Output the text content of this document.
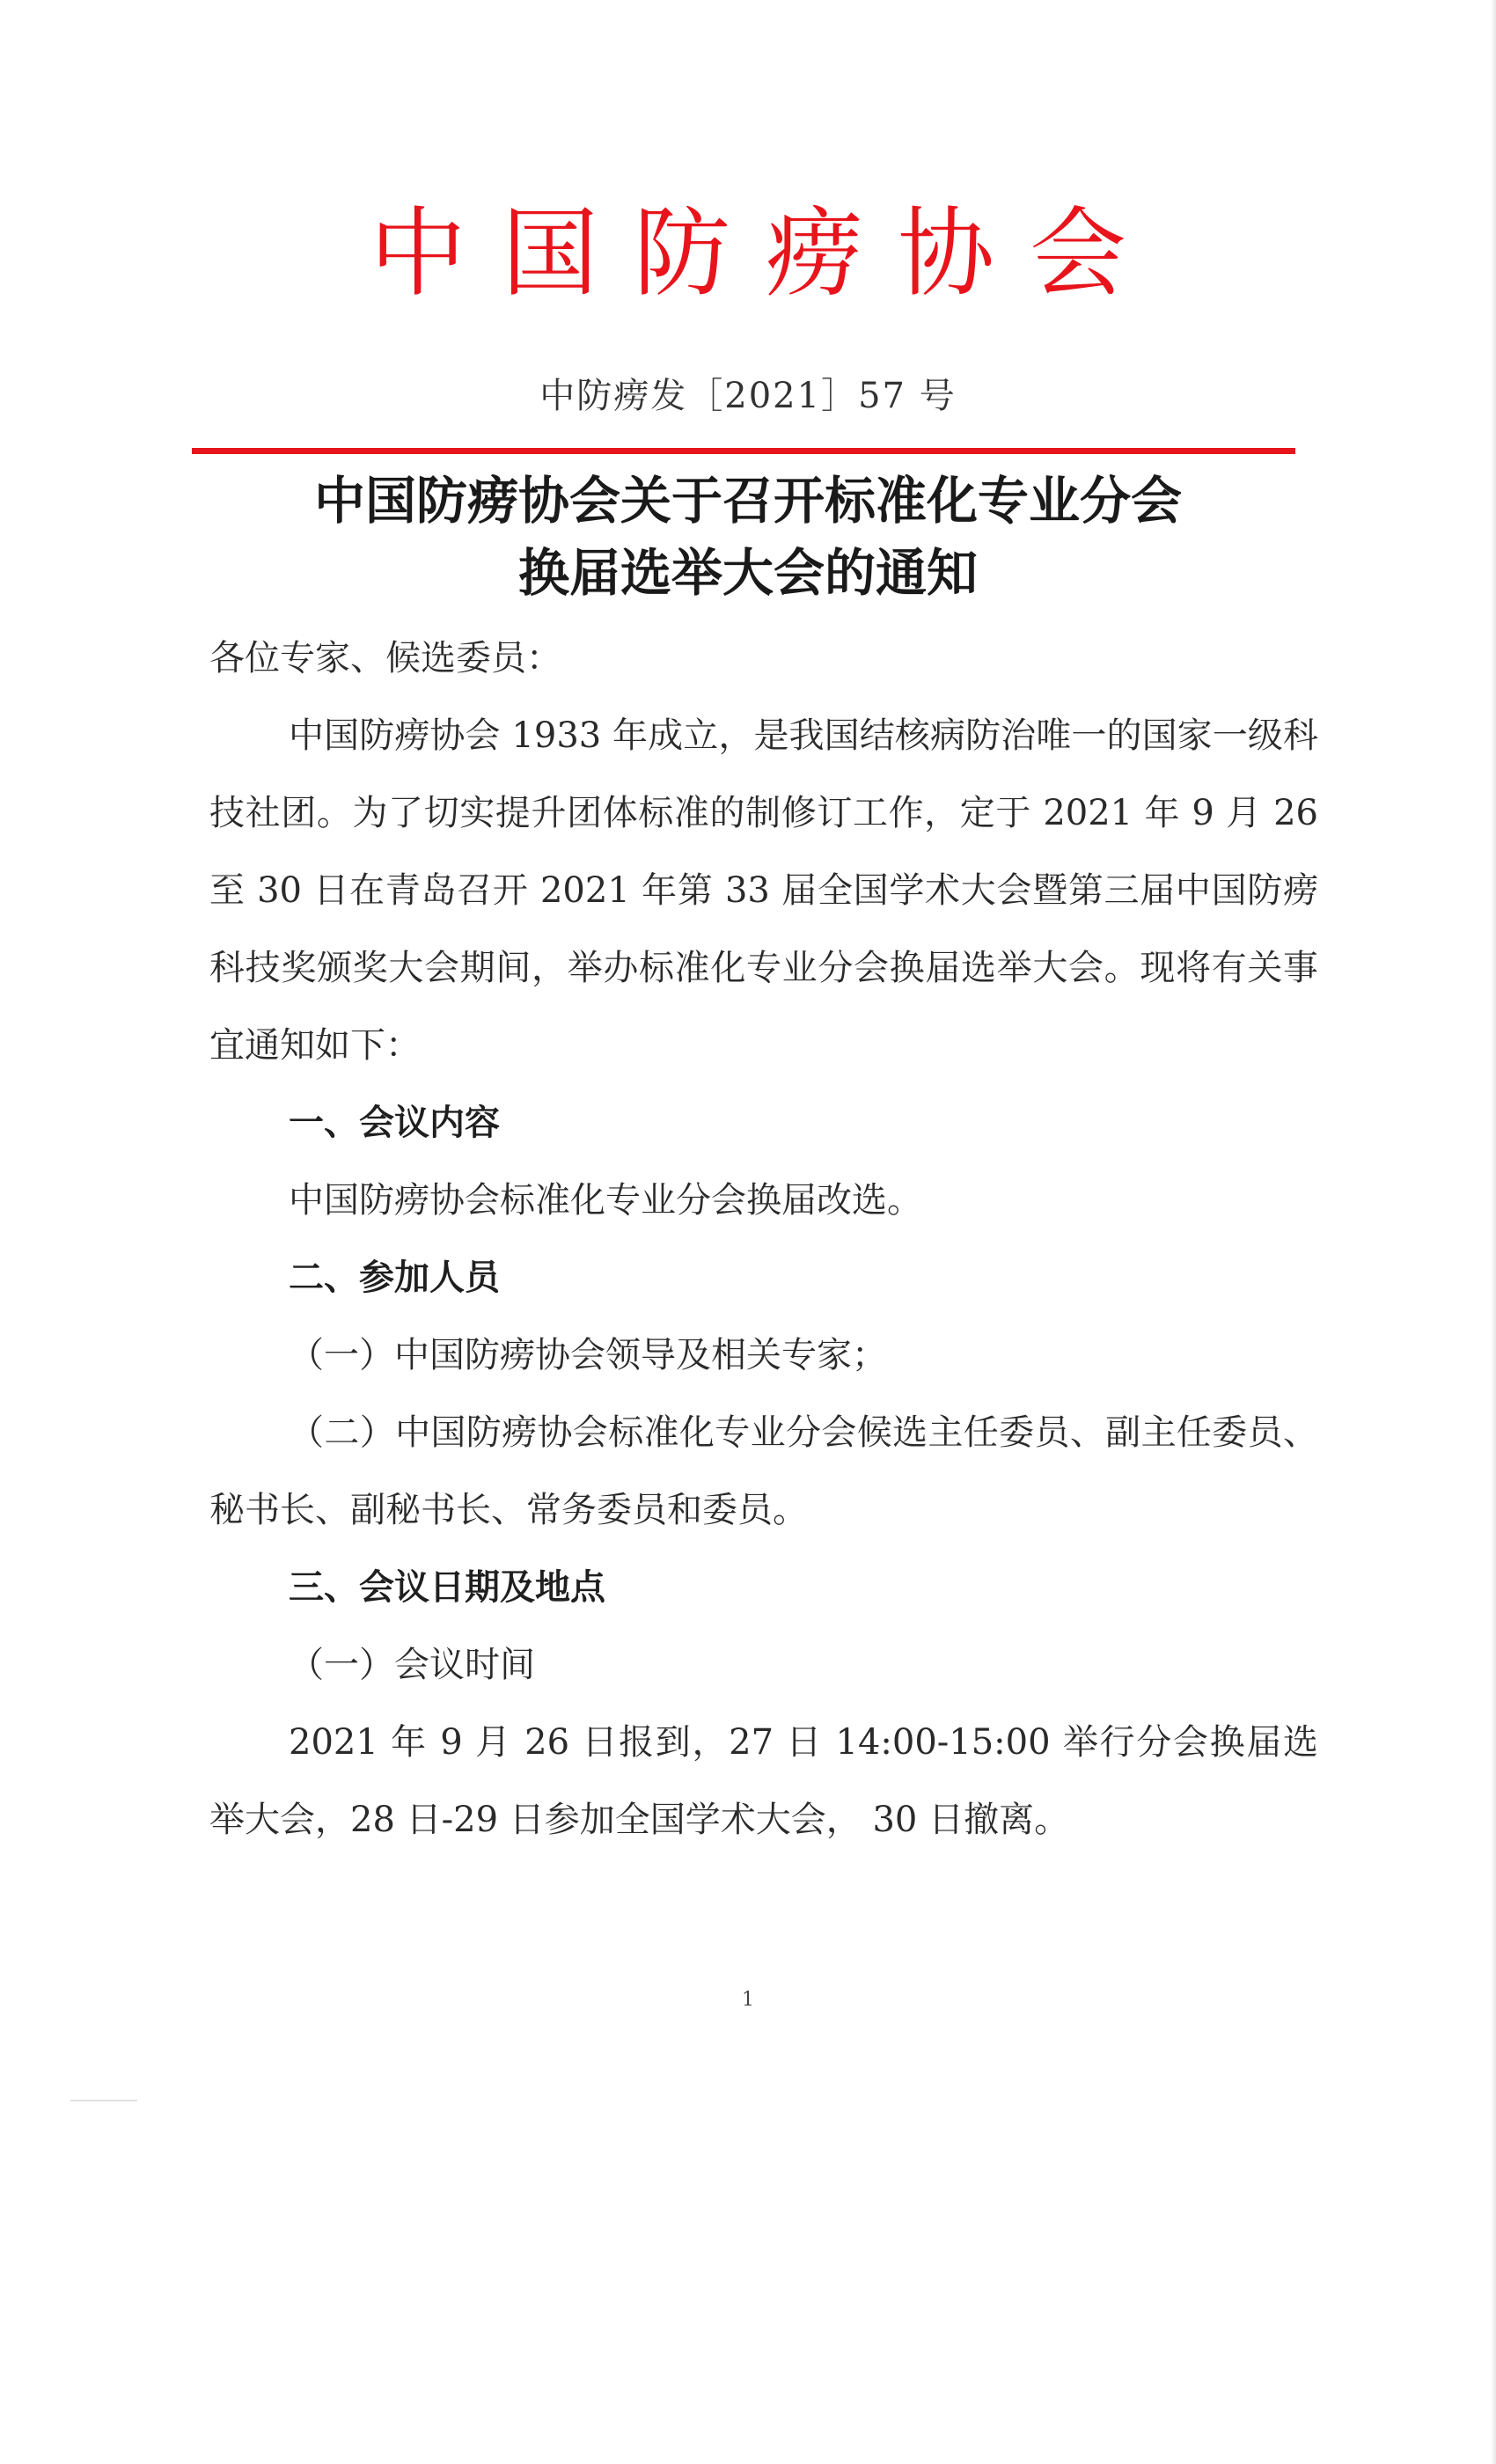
中国防痨协会
中防痨发［2021］57 号
中国防痨协会关于召开标准化专业分会
换届选举大会的通知

各位专家、候选委员：

中国防痨协会 1933 年成立，是我国结核病防治唯一的国家一级科技社团。为了切实提升团体标准的制修订工作，定于 2021 年 9 月 26 至 30 日在青岛召开 2021 年第 33 届全国学术大会暨第三届中国防痨科技奖颁奖大会期间，举办标准化专业分会换届选举大会。现将有关事宜通知如下：

一、会议内容

中国防痨协会标准化专业分会换届改选。

二、参加人员

（一）中国防痨协会领导及相关专家；

（二）中国防痨协会标准化专业分会候选主任委员、副主任委员、秘书长、副秘书长、常务委员和委员。

三、会议日期及地点

（一）会议时间

2021 年 9 月 26 日报到，27 日 14:00-15:00 举行分会换届选举大会，28 日-29 日参加全国学术大会， 30 日撤离。

1
